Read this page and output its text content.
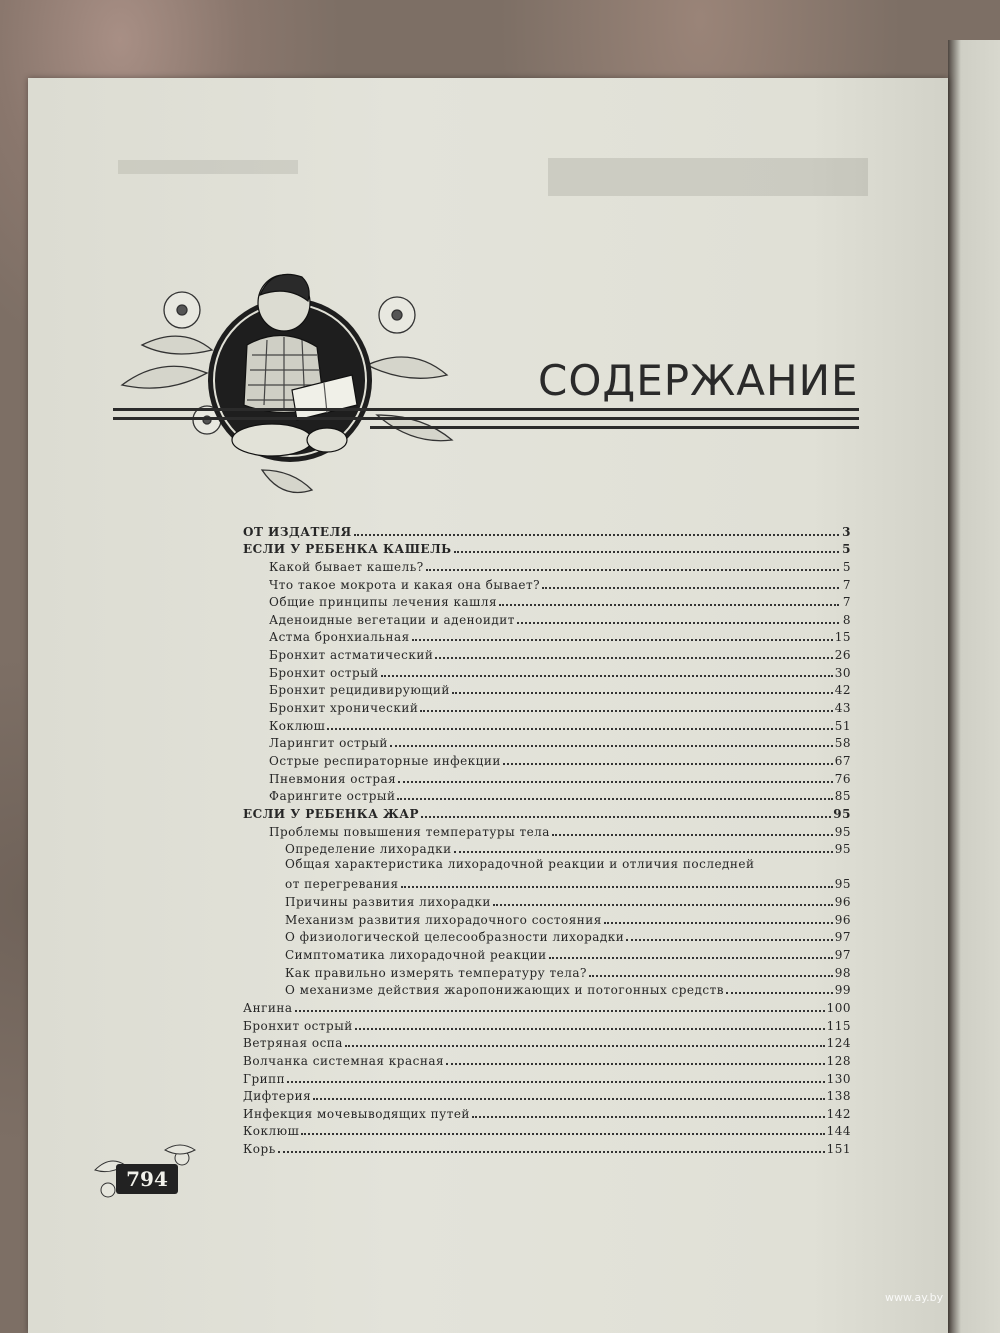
СОДЕРЖАНИЕ
ОТ ИЗДАТЕЛЯ	3
ЕСЛИ У РЕБЕНКА КАШЕЛЬ	5
Какой бывает кашель?	5
Что такое мокрота и какая она бывает?	7
Общие принципы лечения кашля	7
Аденоидные вегетации и аденоидит	8
Астма бронхиальная	15
Бронхит астматический	26
Бронхит острый	30
Бронхит рецидивирующий	42
Бронхит хронический	43
Коклюш	51
Ларингит острый	58
Острые респираторные инфекции	67
Пневмония острая	76
Фарингите острый	85
ЕСЛИ У РЕБЕНКА ЖАР	95
Проблемы повышения температуры тела	95
Определение лихорадки	95
Общая характеристика лихорадочной реакции и отличия последней
от перегревания	95
Причины развития лихорадки	96
Механизм развития лихорадочного состояния	96
О физиологической целесообразности лихорадки	97
Симптоматика лихорадочной реакции	97
Как правильно измерять температуру тела?	98
О механизме действия жаропонижающих и потогонных средств	99
Ангина	100
Бронхит острый	115
Ветряная оспа	124
Волчанка системная красная	128
Грипп	130
Дифтерия	138
Инфекция мочевыводящих путей	142
Коклюш	144
Корь	151
794
www.ay.by
